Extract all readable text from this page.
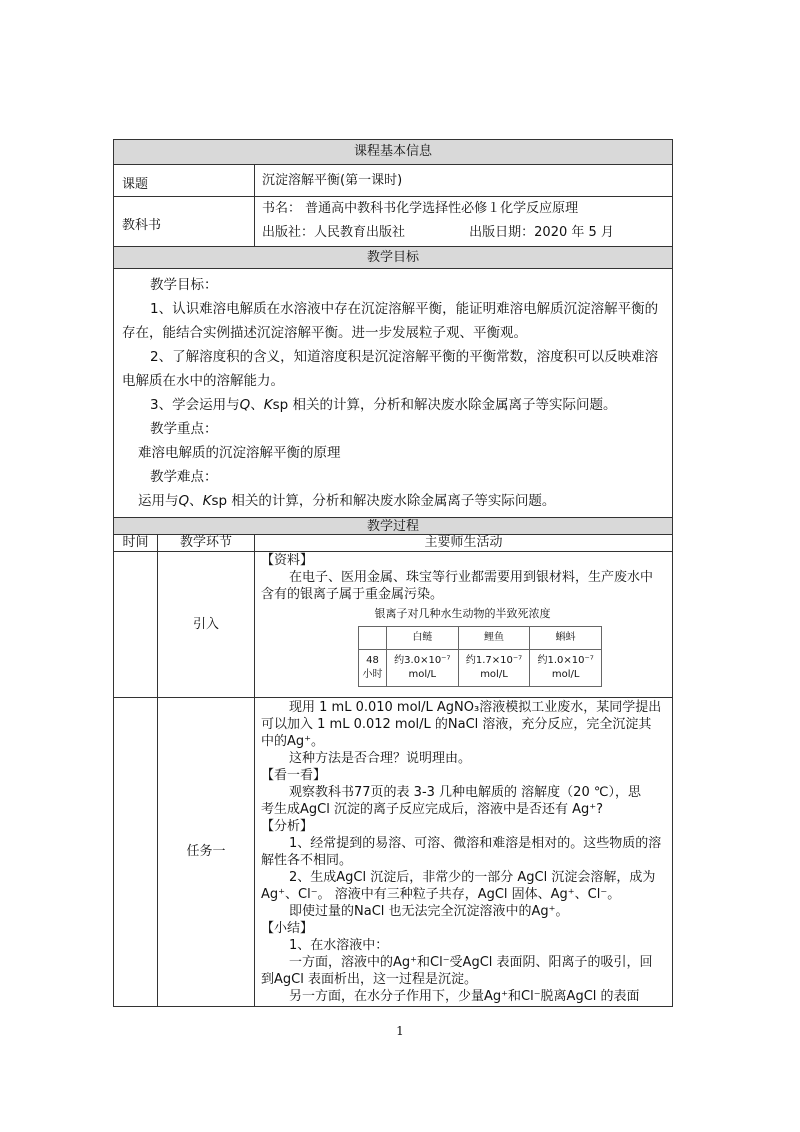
课程基本信息
课题	沉淀溶解平衡(第一课时)
教科书	

书名： 普通高中教科书化学选择性必修１化学反应原理

出版社：人民教育出版社	出版日期：2020 年 5 月

教学目标

教学目标：

1、认识难溶电解质在水溶液中存在沉淀溶解平衡，能证明难溶电解质沉淀溶解平衡的存在，能结合实例描述沉淀溶解平衡。进一步发展粒子观、平衡观。

2、了解溶度积的含义，知道溶度积是沉淀溶解平衡的平衡常数，溶度积可以反映难溶电解质在水中的溶解能力。

3、学会运用与Q、Ksp 相关的计算，分析和解决废水除金属离子等实际问题。

教学重点：

难溶电解质的沉淀溶解平衡的原理

教学难点：

运用与Q、Ksp 相关的计算，分析和解决废水除金属离子等实际问题。

教学过程
时间	教学环节	主要师生活动
	引入	

【资料】

在电子、医用金属、珠宝等行业都需要用到银材料，生产废水中含有的银离子属于重金属污染。

银离子对几种水生动物的半致死浓度

	白鲢	鲤鱼	蝌蚪
48
小时	约3.0×10⁻⁷
mol/L	约1.7×10⁻⁷
mol/L	约1.0×10⁻⁷
mol/L

	任务一	

现用 1 mL 0.010 mol/L AgNO₃溶液模拟工业废水，某同学提出可以加入 1 mL 0.012 mol/L 的NaCl 溶液，充分反应，完全沉淀其中的Ag⁺。

这种方法是否合理？说明理由。

【看一看】

观察教科书77页的表 3-3 几种电解质的 溶解度（20 ℃），思

考生成AgCl 沉淀的离子反应完成后，溶液中是否还有 Ag⁺?

【分析】

1、经常提到的易溶、可溶、微溶和难溶是相对的。这些物质的溶解性各不相同。

2、生成AgCl 沉淀后，非常少的一部分 AgCl 沉淀会溶解，成为Ag⁺、Cl⁻。 溶液中有三种粒子共存，AgCl 固体、Ag⁺、Cl⁻。

即使过量的NaCl 也无法完全沉淀溶液中的Ag⁺。

【小结】

1、在水溶液中：

一方面，溶液中的Ag⁺和Cl⁻受AgCl 表面阴、阳离子的吸引，回到AgCl 表面析出，这一过程是沉淀。

另一方面，在水分子作用下，少量Ag⁺和Cl⁻脱离AgCl 的表面

1
